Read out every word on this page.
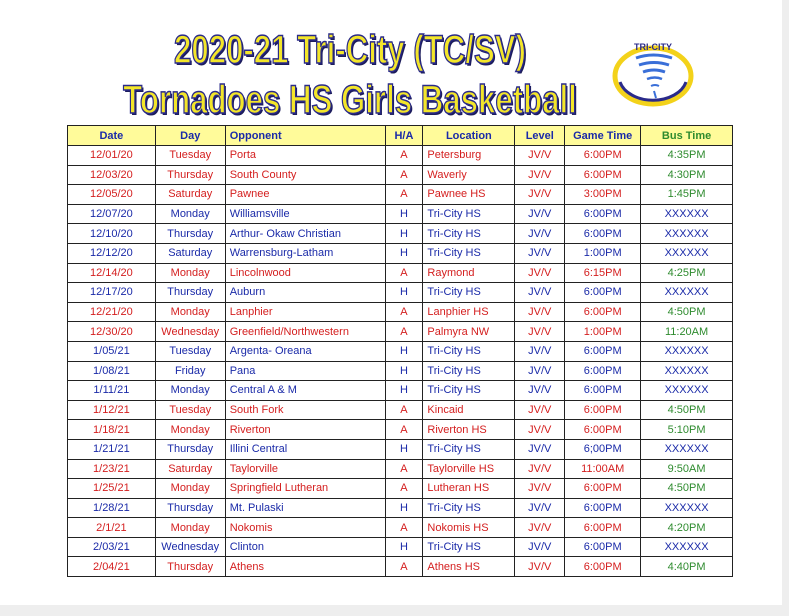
2020-21 Tri-City (TC/SV)
Tornadoes HS Girls Basketball
TRI-CITY
Date	Day	Opponent	H/A	Location	Level	Game Time	Bus Time
12/01/20	Tuesday	Porta	A	Petersburg	JV/V	6:00PM	4:35PM
12/03/20	Thursday	South County	A	Waverly	JV/V	6:00PM	4:30PM
12/05/20	Saturday	Pawnee	A	Pawnee HS	JV/V	3:00PM	1:45PM
12/07/20	Monday	Williamsville	H	Tri-City HS	JV/V	6:00PM	XXXXXX
12/10/20	Thursday	Arthur- Okaw Christian	H	Tri-City HS	JV/V	6:00PM	XXXXXX
12/12/20	Saturday	Warrensburg-Latham	H	Tri-City HS	JV/V	1:00PM	XXXXXX
12/14/20	Monday	Lincolnwood	A	Raymond	JV/V	6:15PM	4:25PM
12/17/20	Thursday	Auburn	H	Tri-City HS	JV/V	6:00PM	XXXXXX
12/21/20	Monday	Lanphier	A	Lanphier HS	JV/V	6:00PM	4:50PM
12/30/20	Wednesday	Greenfield/Northwestern	A	Palmyra NW	JV/V	1:00PM	11:20AM
1/05/21	Tuesday	Argenta- Oreana	H	Tri-City HS	JV/V	6:00PM	XXXXXX
1/08/21	Friday	Pana	H	Tri-City HS	JV/V	6:00PM	XXXXXX
1/11/21	Monday	Central A & M	H	Tri-City HS	JV/V	6:00PM	XXXXXX
1/12/21	Tuesday	South Fork	A	Kincaid	JV/V	6:00PM	4:50PM
1/18/21	Monday	Riverton	A	Riverton HS	JV/V	6:00PM	5:10PM
1/21/21	Thursday	Illini Central	H	Tri-City HS	JV/V	6;00PM	XXXXXX
1/23/21	Saturday	Taylorville	A	Taylorville HS	JV/V	11:00AM	9:50AM
1/25/21	Monday	Springfield Lutheran	A	Lutheran HS	JV/V	6:00PM	4:50PM
1/28/21	Thursday	Mt. Pulaski	H	Tri-City HS	JV/V	6:00PM	XXXXXX
2/1/21	Monday	Nokomis	A	Nokomis HS	JV/V	6:00PM	4:20PM
2/03/21	Wednesday	Clinton	H	Tri-City HS	JV/V	6:00PM	XXXXXX
2/04/21	Thursday	Athens	A	Athens HS	JV/V	6:00PM	4:40PM
